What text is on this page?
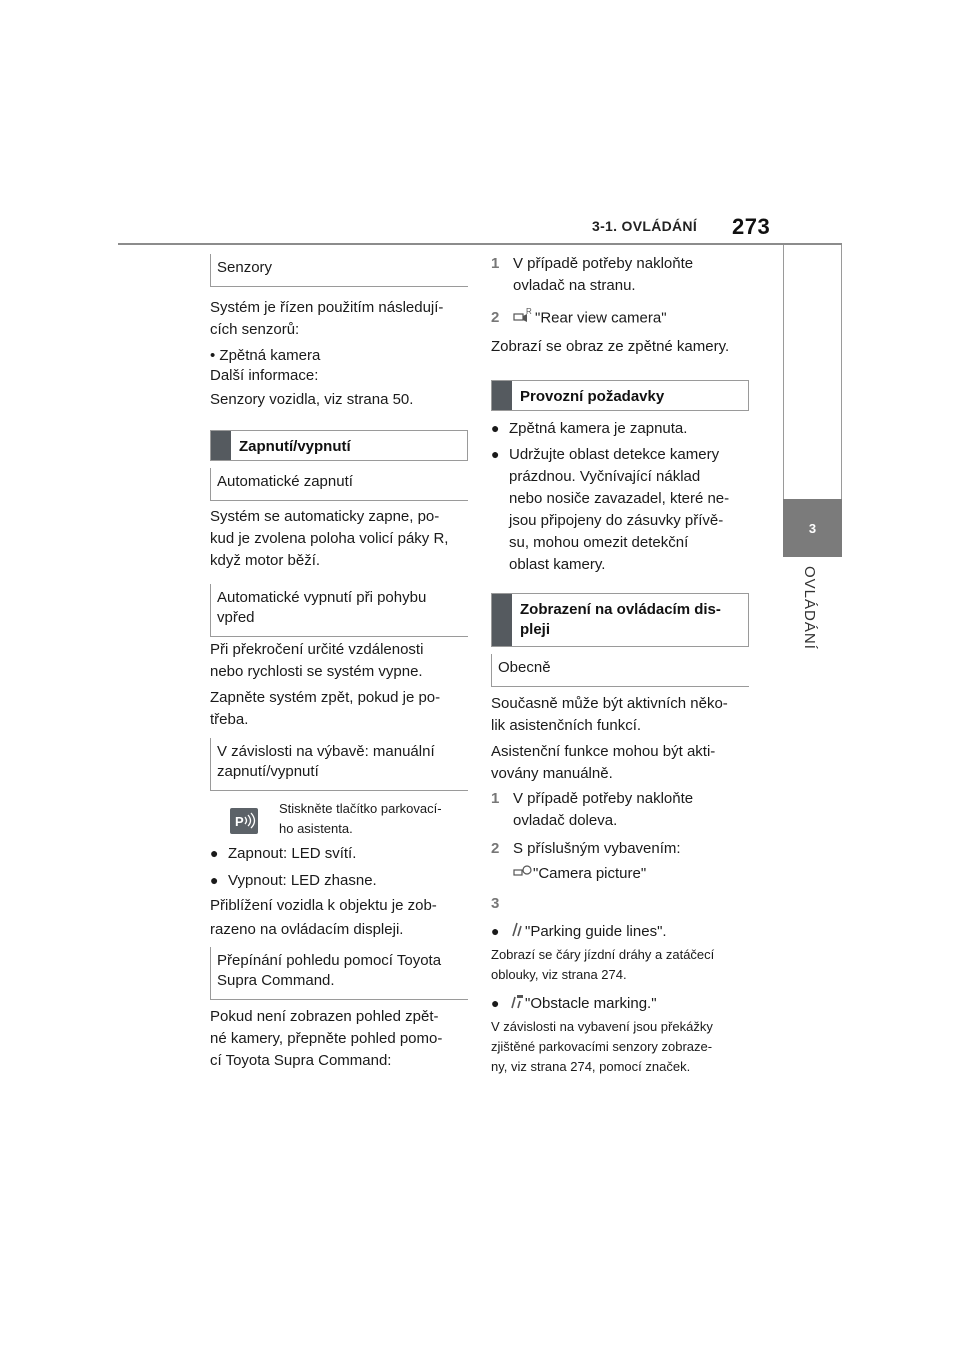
3-1. OVLÁDÁNÍ 273
3
OVLÁDÁNÍ
Senzory
Systém je řízen použitím následují-
cích senzorů:
• Zpětná kamera
Další informace:
Senzory vozidla, viz strana 50.
Zapnutí/vypnutí
Automatické zapnutí
Systém se automaticky zapne, po-
kud je zvolena poloha volicí páky R,
když motor běží.
Automatické vypnutí při pohybu
vpřed
Při překročení určité vzdálenosti
nebo rychlosti se systém vypne.
Zapněte systém zpět, pokud je po-
třeba.
V závislosti na výbavě: manuální
zapnutí/vypnutí
P
Stiskněte tlačítko parkovací-
ho asistenta.
● Zapnout: LED svítí.
● Vypnout: LED zhasne.
Přiblížení vozidla k objektu je zob-
razeno na ovládacím displeji.
Přepínání pohledu pomocí Toyota
Supra Command.
Pokud není zobrazen pohled zpět-
né kamery, přepněte pohled pomo-
cí Toyota Supra Command:
1 V případě potřeby nakloňte
ovladač na stranu.
2	R "Rear view camera"
Zobrazí se obraz ze zpětné kamery.
Provozní požadavky
● Zpětná kamera je zapnuta.
● Udržujte oblast detekce kamery
prázdnou. Vyčnívající náklad
nebo nosiče zavazadel, které ne-
jsou připojeny do zásuvky přívě-
su, mohou omezit detekční
oblast kamery.
Zobrazení na ovládacím dis-
pleji
Obecně
Současně může být aktivních něko-
lik asistenčních funkcí.
Asistenční funkce mohou být akti-
vovány manuálně.
1 V případě potřeby nakloňte
ovladač doleva.
2 S příslušným vybavením:
"Camera picture"
3
● "Parking guide lines".
Zobrazí se čáry jízdní dráhy a zatáčecí
oblouky, viz strana 274.
● "Obstacle marking."
V závislosti na vybavení jsou překážky
zjištěné parkovacími senzory zobraze-
ny, viz strana 274, pomocí značek.
